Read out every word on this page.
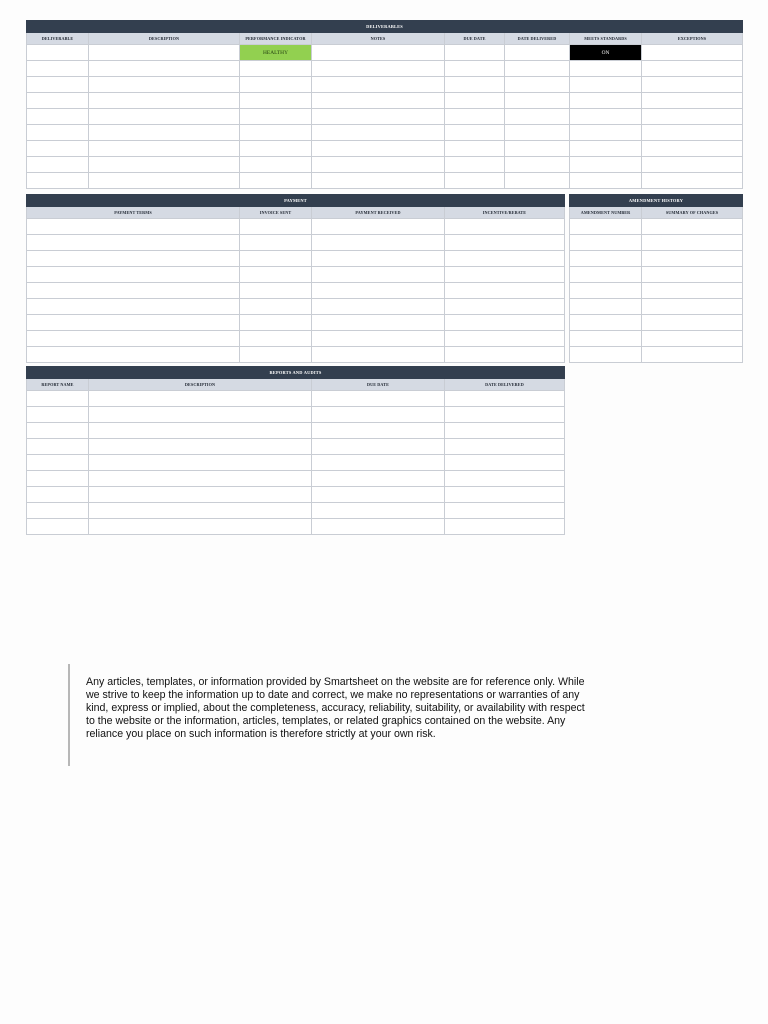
DELIVERABLES							
DELIVERABLE	DESCRIPTION	PERFORMANCE INDICATOR	NOTES	DUE DATE	DATE DELIVERED	MEETS STANDARDS	EXCEPTIONS
		HEALTHY				ON	

PAYMENT			
PAYMENT TERMS	INVOICE SENT	PAYMENT RECEIVED	INCENTIVE/REBATE

AMENDMENT HISTORY	
AMENDMENT NUMBER	SUMMARY OF CHANGES

REPORTS AND AUDITS			
REPORT NAME	DESCRIPTION	DUE DATE	DATE DELIVERED

Any articles, templates, or information provided by Smartsheet on the website are for reference only. While we strive to keep the information up to date and correct, we make no representations or warranties of any kind, express or implied, about the completeness, accuracy, reliability, suitability, or availability with respect to the website or the information, articles, templates, or related graphics contained on the website. Any reliance you place on such information is therefore strictly at your own risk.
